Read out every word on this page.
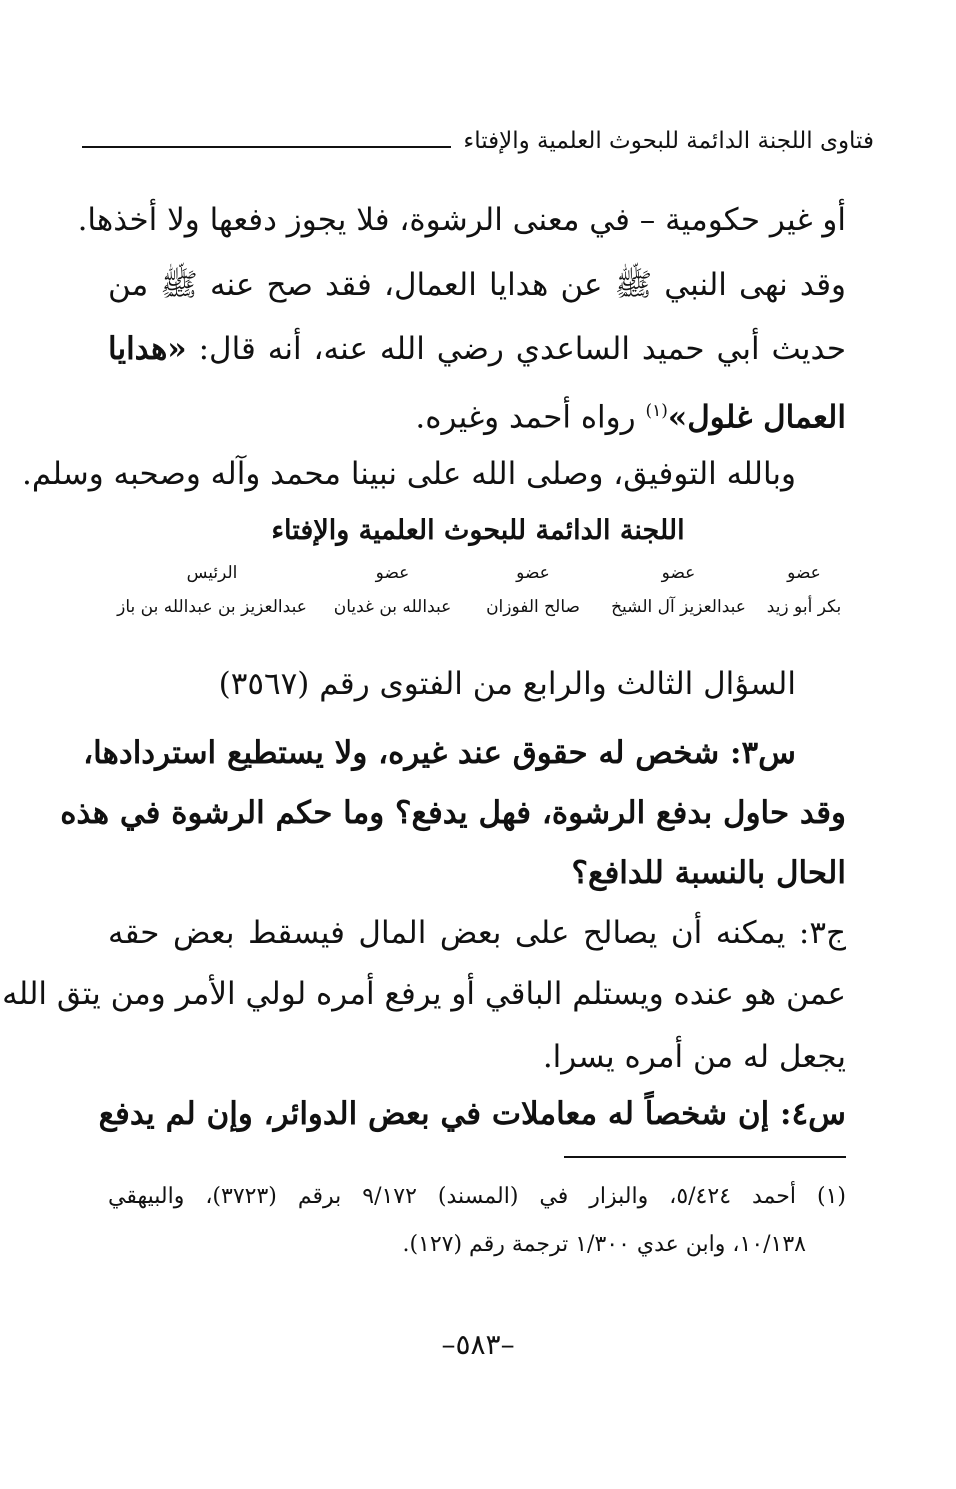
فتاوى اللجنة الدائمة للبحوث العلمية والإفتاء
أو غير حكومية – في معنى الرشوة، فلا يجوز دفعها ولا أخذها.
وقد نهى النبي ﷺ عن هدايا العمال، فقد صح عنه ﷺ من
حديث أبي حميد الساعدي رضي الله عنه، أنه قال: «هدايا
العمال غلول»$^{(١)}$ رواه أحمد وغيره.
وبالله التوفيق، وصلى الله على نبينا محمد وآله وصحبه وسلم.
اللجنة الدائمة للبحوث العلمية والإفتاء
عضو
عضو
عضو
عضو
الرئيس
بكر أبو زيد
عبدالعزيز آل الشيخ
صالح الفوزان
عبدالله بن غديان
عبدالعزيز بن عبدالله بن باز
السؤال الثالث والرابع من الفتوى رقم (٣٥٦٧)
س٣: شخص له حقوق عند غيره، ولا يستطيع استردادها،
وقد حاول بدفع الرشوة، فهل يدفع؟ وما حكم الرشوة في هذه
الحال بالنسبة للدافع؟
ج٣: يمكنه أن يصالح على بعض المال فيسقط بعض حقه
عمن هو عنده ويستلم الباقي أو يرفع أمره لولي الأمر ومن يتق الله
يجعل له من أمره يسرا.
س٤: إن شخصاً له معاملات في بعض الدوائر، وإن لم يدفع
(١) أحمد ٥/٤٢٤، والبزار في (المسند) ٩/١٧٢ برقم (٣٧٢٣)، والبيهقي
١٠/١٣٨، وابن عدي ١/٣٠٠ ترجمة رقم (١٢٧).
–٥٨٣–
